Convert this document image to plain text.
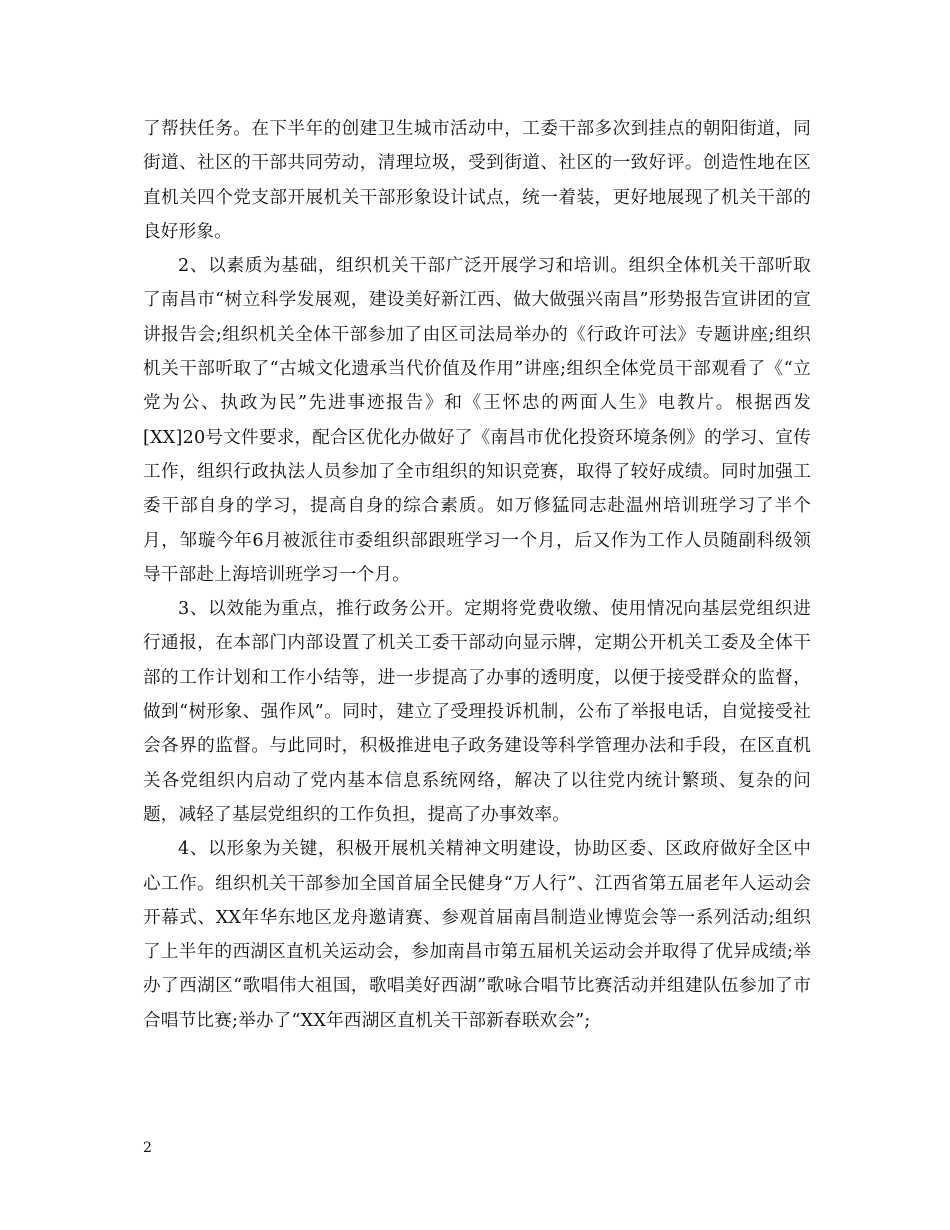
了帮扶任务。在下半年的创建卫生城市活动中，工委干部多次到挂点的朝阳街道，同街道、社区的干部共同劳动，清理垃圾，受到街道、社区的一致好评。创造性地在区直机关四个党支部开展机关干部形象设计试点，统一着装，更好地展现了机关干部的良好形象。

2、以素质为基础，组织机关干部广泛开展学习和培训。组织全体机关干部听取了南昌市“树立科学发展观，建设美好新江西、做大做强兴南昌”形势报告宣讲团的宣讲报告会;组织机关全体干部参加了由区司法局举办的《行政许可法》专题讲座;组织机关干部听取了“古城文化遗承当代价值及作用”讲座;组织全体党员干部观看了《“立党为公、执政为民”先进事迹报告》和《王怀忠的两面人生》电教片。根据西发[XX]20号文件要求，配合区优化办做好了《南昌市优化投资环境条例》的学习、宣传工作，组织行政执法人员参加了全市组织的知识竞赛，取得了较好成绩。同时加强工委干部自身的学习，提高自身的综合素质。如万修猛同志赴温州培训班学习了半个月，邹璇今年6月被派往市委组织部跟班学习一个月，后又作为工作人员随副科级领导干部赴上海培训班学习一个月。

3、以效能为重点，推行政务公开。定期将党费收缴、使用情况向基层党组织进行通报，在本部门内部设置了机关工委干部动向显示牌，定期公开机关工委及全体干部的工作计划和工作小结等，进一步提高了办事的透明度，以便于接受群众的监督，做到“树形象、强作风”。同时，建立了受理投诉机制，公布了举报电话，自觉接受社会各界的监督。与此同时，积极推进电子政务建设等科学管理办法和手段，在区直机关各党组织内启动了党内基本信息系统网络，解决了以往党内统计繁琐、复杂的问题，减轻了基层党组织的工作负担，提高了办事效率。

4、以形象为关键，积极开展机关精神文明建设，协助区委、区政府做好全区中心工作。组织机关干部参加全国首届全民健身“万人行”、江西省第五届老年人运动会开幕式、XX年华东地区龙舟邀请赛、参观首届南昌制造业博览会等一系列活动;组织了上半年的西湖区直机关运动会，参加南昌市第五届机关运动会并取得了优异成绩;举办了西湖区“歌唱伟大祖国，歌唱美好西湖”歌咏合唱节比赛活动并组建队伍参加了市合唱节比赛;举办了“XX年西湖区直机关干部新春联欢会”;

2
